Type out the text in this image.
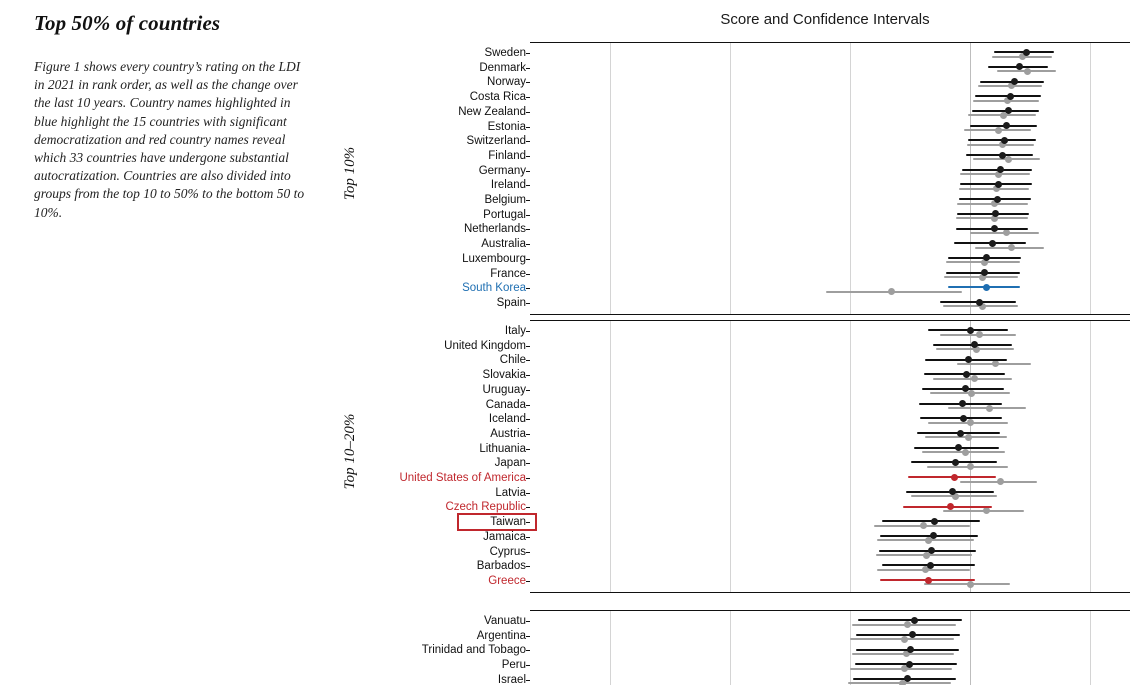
Top 50% of countries

Figure 1 shows every country’s rating on the LDI in 2021 in rank order, as well as the change over the last 10 years. Country names highlighted in blue highlight the 15 countries with significant democratization and red country names reveal which 33 countries have undergone substantial autocratization. Countries are also divided into groups from the top 10 to 50% to the bottom 50 to 10%.

Score and Confidence Intervals
Sweden
Denmark
Norway
Costa Rica
New Zealand
Estonia
Switzerland
Finland
Germany
Ireland
Belgium
Portugal
Netherlands
Australia
Luxembourg
France
South Korea
Spain
Top 10%
Italy
United Kingdom
Chile
Slovakia
Uruguay
Canada
Iceland
Austria
Lithuania
Japan
United States of America
Latvia
Czech Republic
Taiwan
Jamaica
Cyprus
Barbados
Greece
Top 10–20%
Vanuatu
Argentina
Trinidad and Tobago
Peru
Israel
